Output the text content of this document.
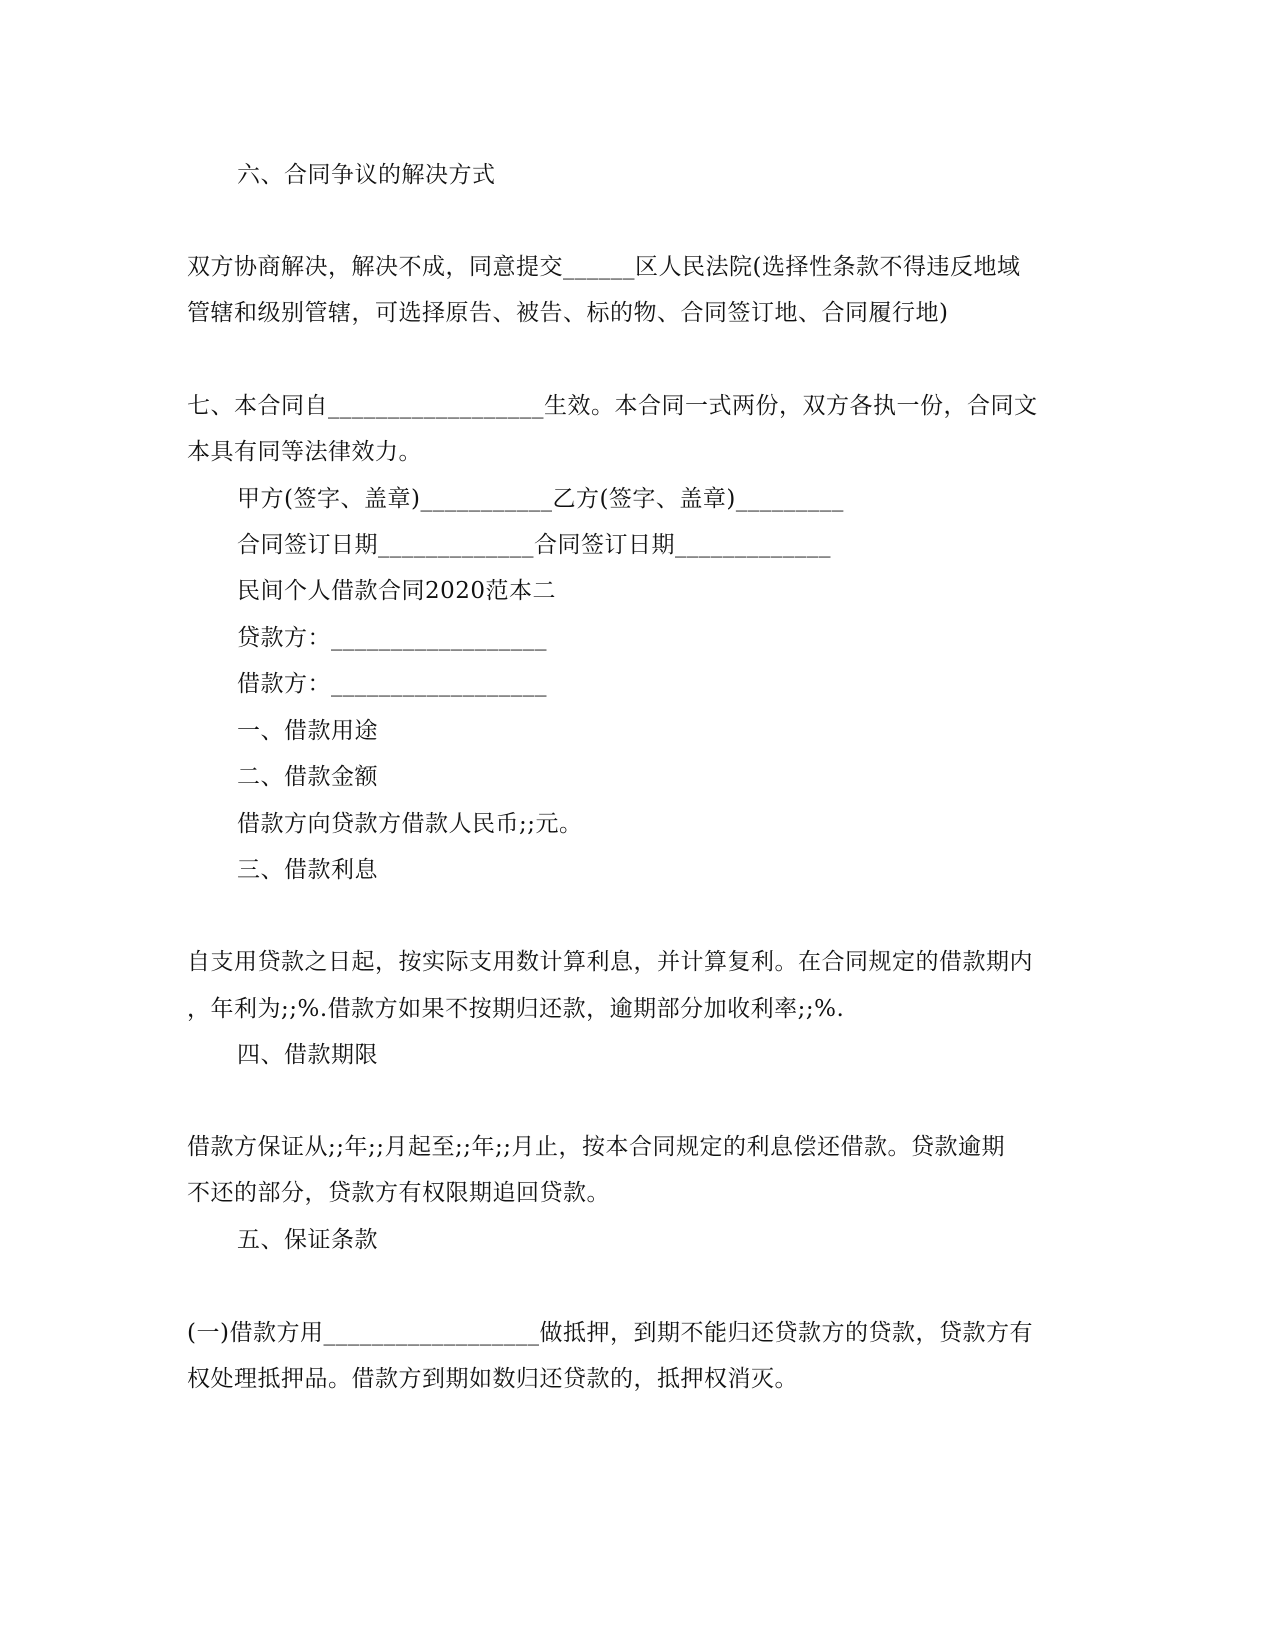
六、合同争议的解决方式
双方协商解决，解决不成，同意提交______区人民法院(选择性条款不得违反地域
管辖和级别管辖，可选择原告、被告、标的物、合同签订地、合同履行地)
七、本合同自__________________生效。本合同一式两份，双方各执一份，合同文
本具有同等法律效力。
甲方(签字、盖章)___________乙方(签字、盖章)_________
合同签订日期_____________合同签订日期_____________
民间个人借款合同2020范本二
贷款方：__________________
借款方：__________________
一、借款用途
二、借款金额
借款方向贷款方借款人民币;;元。
三、借款利息
自支用贷款之日起，按实际支用数计算利息，并计算复利。在合同规定的借款期内
，年利为;;%.借款方如果不按期归还款，逾期部分加收利率;;%.
四、借款期限
借款方保证从;;年;;月起至;;年;;月止，按本合同规定的利息偿还借款。贷款逾期
不还的部分，贷款方有权限期追回贷款。
五、保证条款
(一)借款方用__________________做抵押，到期不能归还贷款方的贷款，贷款方有
权处理抵押品。借款方到期如数归还贷款的，抵押权消灭。
